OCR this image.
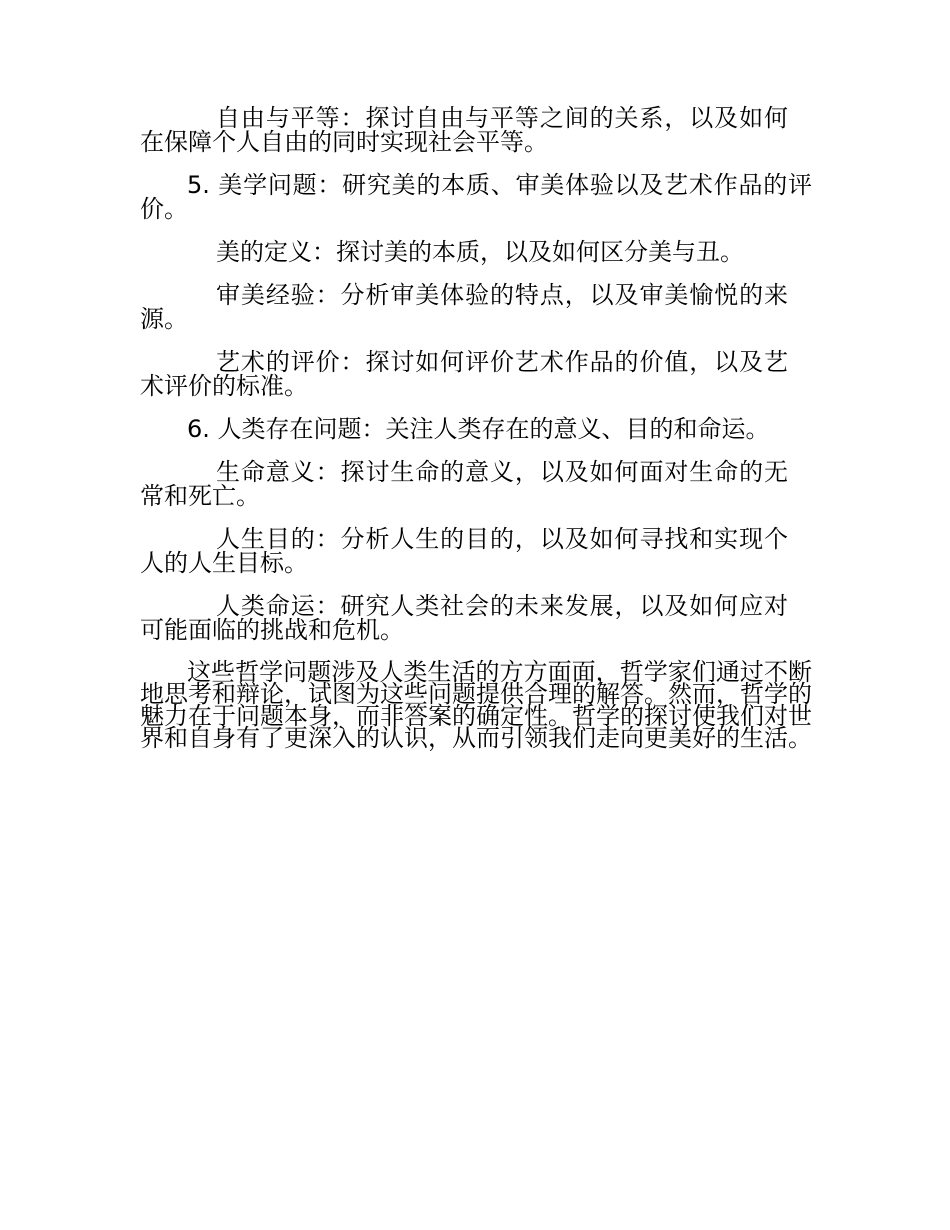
自由与平等：探讨自由与平等之间的关系，以及如何在保障个人自由的同时实现社会平等。

5. 美学问题：研究美的本质、审美体验以及艺术作品的评价。

美的定义：探讨美的本质，以及如何区分美与丑。

审美经验：分析审美体验的特点，以及审美愉悦的来源。

艺术的评价：探讨如何评价艺术作品的价值，以及艺术评价的标准。

6. 人类存在问题：关注人类存在的意义、目的和命运。

生命意义：探讨生命的意义，以及如何面对生命的无常和死亡。

人生目的：分析人生的目的，以及如何寻找和实现个人的人生目标。

人类命运：研究人类社会的未来发展，以及如何应对可能面临的挑战和危机。

这些哲学问题涉及人类生活的方方面面，哲学家们通过不断地思考和辩论，试图为这些问题提供合理的解答。然而，哲学的魅力在于问题本身，而非答案的确定性。哲学的探讨使我们对世界和自身有了更深入的认识，从而引领我们走向更美好的生活。
